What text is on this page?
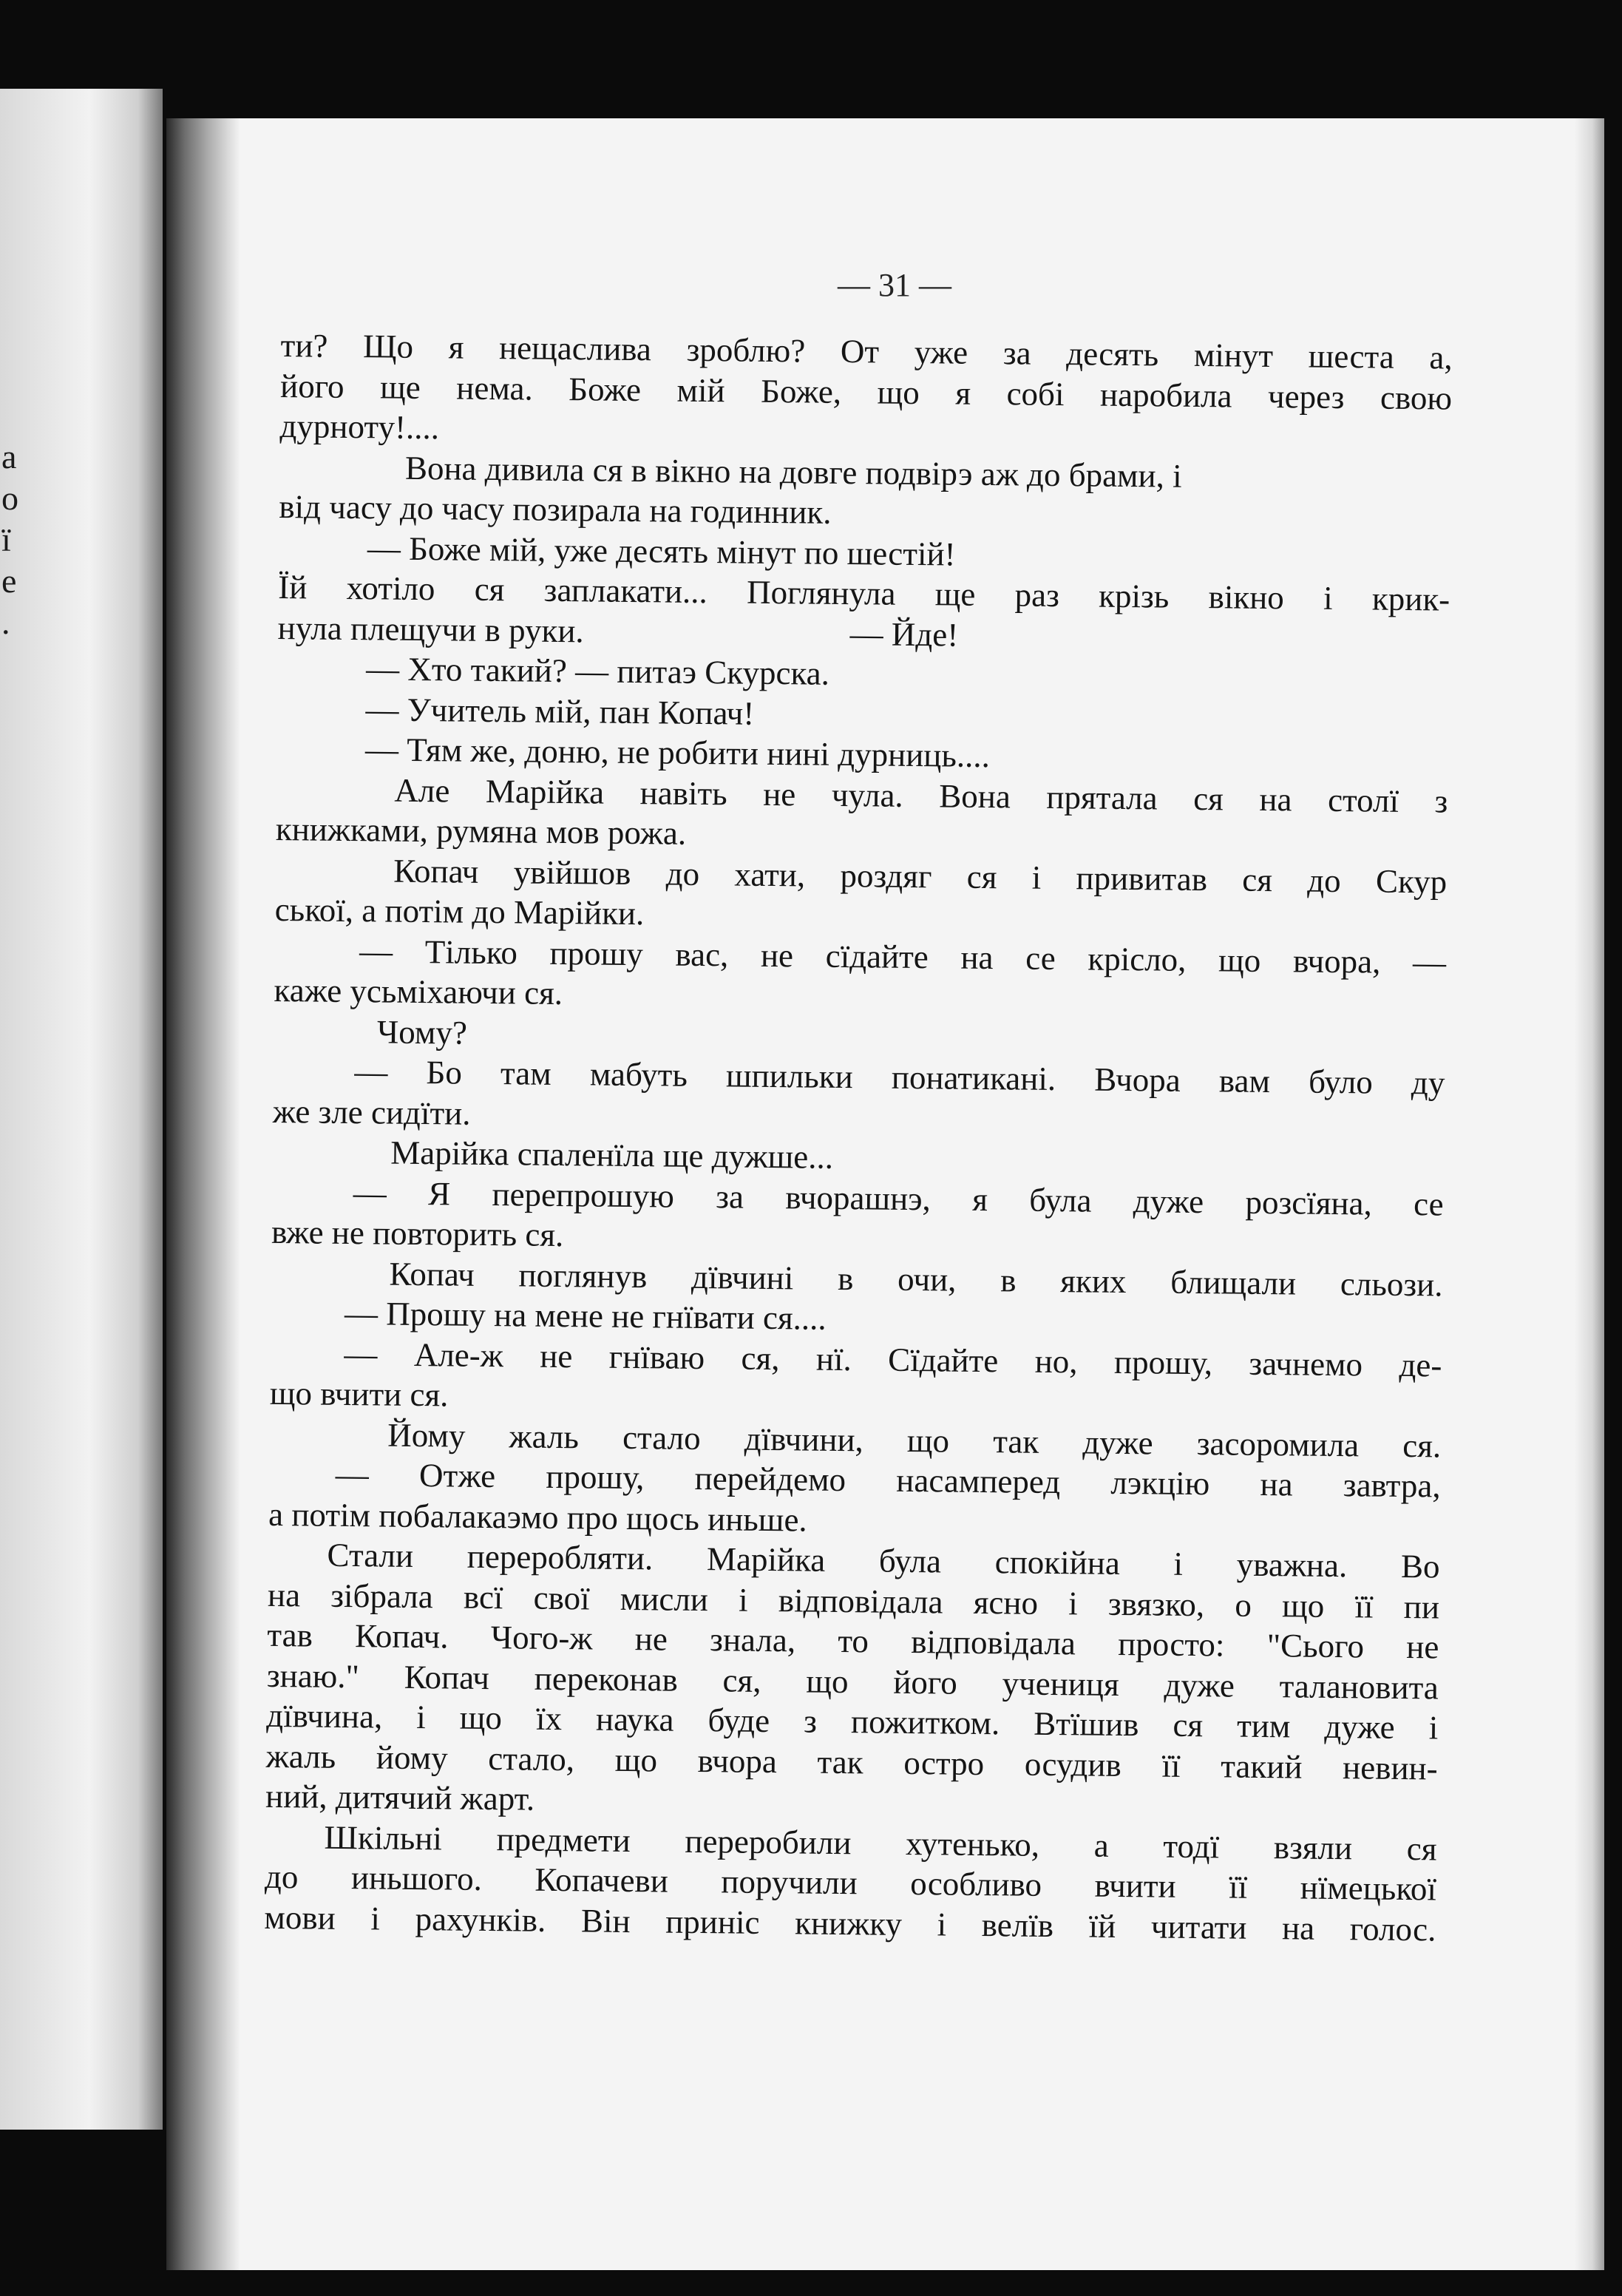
а
о
ї
е
.
— 31 —
ти? Що я нещаслива зроблю? От уже за десять мінут шеста а,
його ще нема. Боже мій Боже, що я собі наробила через свою
дурноту!....
Вона дивила ся в вікно на довге подвірэ аж до брами, і
від часу до часу позирала на годинник.
— Боже мій, уже десять мінут по шестій!
Їй хотіло ся заплакати... Поглянула ще раз крізь вікно і крик-
нула плещучи в руки.	— Йде!
— Хто такий? — питаэ Скурска.
— Учитель мій, пан Копач!
— Тям же, доню, не робити нині дурниць....
Але Марійка навіть не чула. Вона прятала ся на столї з
книжками, румяна мов рожа.
Копач увійшов до хати, роздяг ся і привитав ся до Скур
ської, а потім до Марійки.
— Тілько прошу вас, не сїдайте на се крісло, що вчора, —
каже усьміхаючи ся.
Чому?
— Бо там мабуть шпильки понатикані. Вчора вам було ду
же зле сидїти.
Марійка спаленїла ще дужше...
— Я перепрошую за вчорашнэ, я була дуже розсїяна, се
вже не повторить ся.
Копач поглянув дївчині в очи, в яких блищали сльози.
— Прошу на мене не гнївати ся....
— Але-ж не гнїваю ся, нї. Сїдайте но, прошу, зачнемо де-
що вчити ся.
Йому жаль стало дївчини, що так дуже засоромила ся.
— Отже прошу, перейдемо насамперед лэкцію на завтра,
а потім побалакаэмо про щось иньше.
Стали переробляти. Марійка була спокійна і уважна. Во
на зібрала всї свої мисли і відповідала ясно і звязко, о що її пи
тав Копач. Чого-ж не знала, то відповідала просто: "Сього не
знаю." Копач переконав ся, що його учениця дуже талановита
дївчина, і що їх наука буде з пожитком. Втїшив ся тим дуже і
жаль йому стало, що вчора так остро осудив її такий невин-
ний, дитячий жарт.
Шкільні предмети переробили хутенько, а тодї взяли ся
до иньшого. Копачеви поручили особливо вчити її нїмецької
мови і рахунків. Він приніс книжку і велїв їй читати на голос.
